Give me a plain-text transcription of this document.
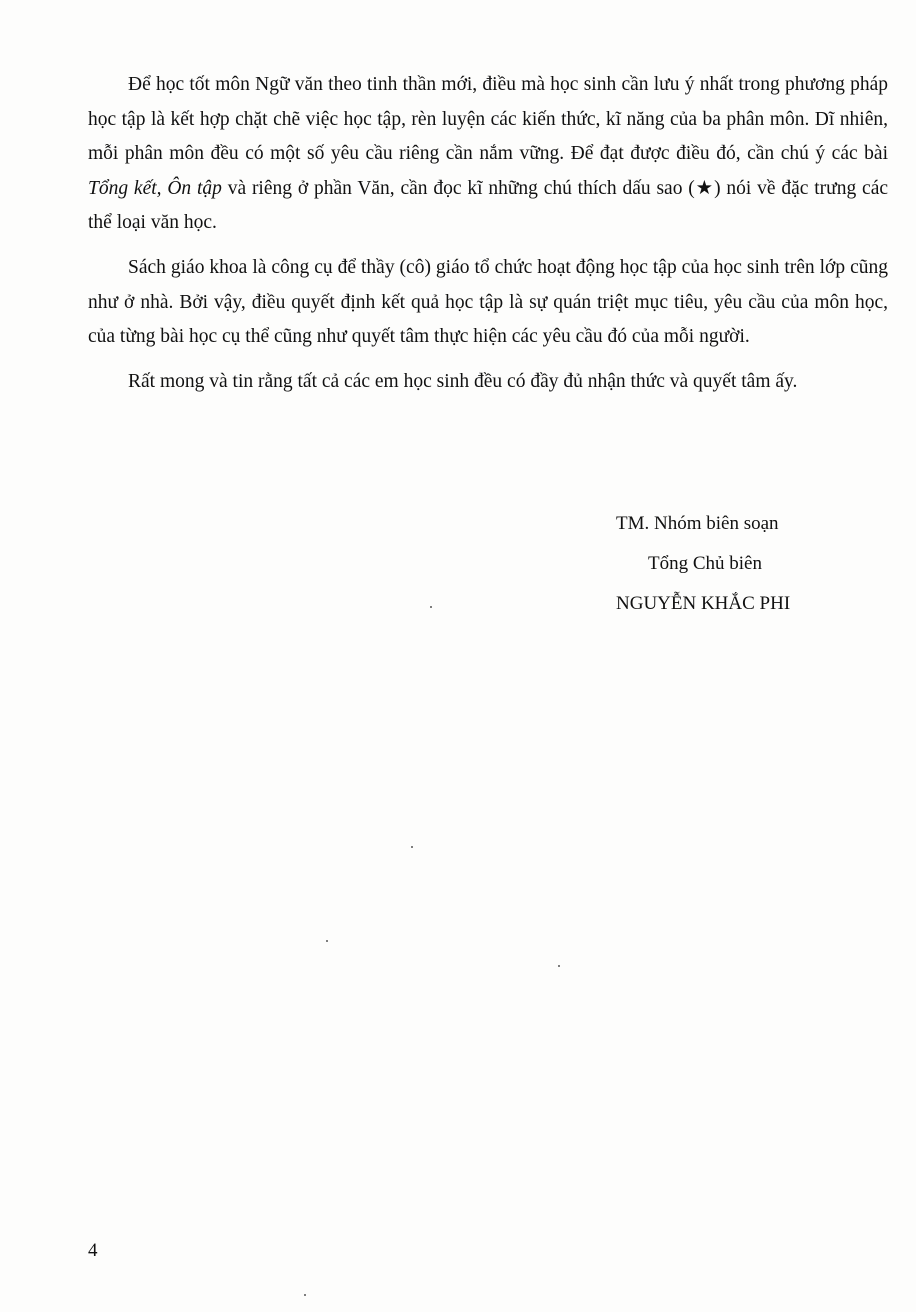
Để học tốt môn Ngữ văn theo tinh thần mới, điều mà học sinh cần lưu ý nhất trong phương pháp học tập là kết hợp chặt chẽ việc học tập, rèn luyện các kiến thức, kĩ năng của ba phân môn. Dĩ nhiên, mỗi phân môn đều có một số yêu cầu riêng cần nắm vững. Để đạt được điều đó, cần chú ý các bài Tổng kết, Ôn tập và riêng ở phần Văn, cần đọc kĩ những chú thích dấu sao (★) nói về đặc trưng các thể loại văn học.

Sách giáo khoa là công cụ để thầy (cô) giáo tổ chức hoạt động học tập của học sinh trên lớp cũng như ở nhà. Bởi vậy, điều quyết định kết quả học tập là sự quán triệt mục tiêu, yêu cầu của môn học, của từng bài học cụ thể cũng như quyết tâm thực hiện các yêu cầu đó của mỗi người.

Rất mong và tin rằng tất cả các em học sinh đều có đầy đủ nhận thức và quyết tâm ấy.

TM. Nhóm biên soạn
Tổng Chủ biên
NGUYỄN KHẮC PHI
4
